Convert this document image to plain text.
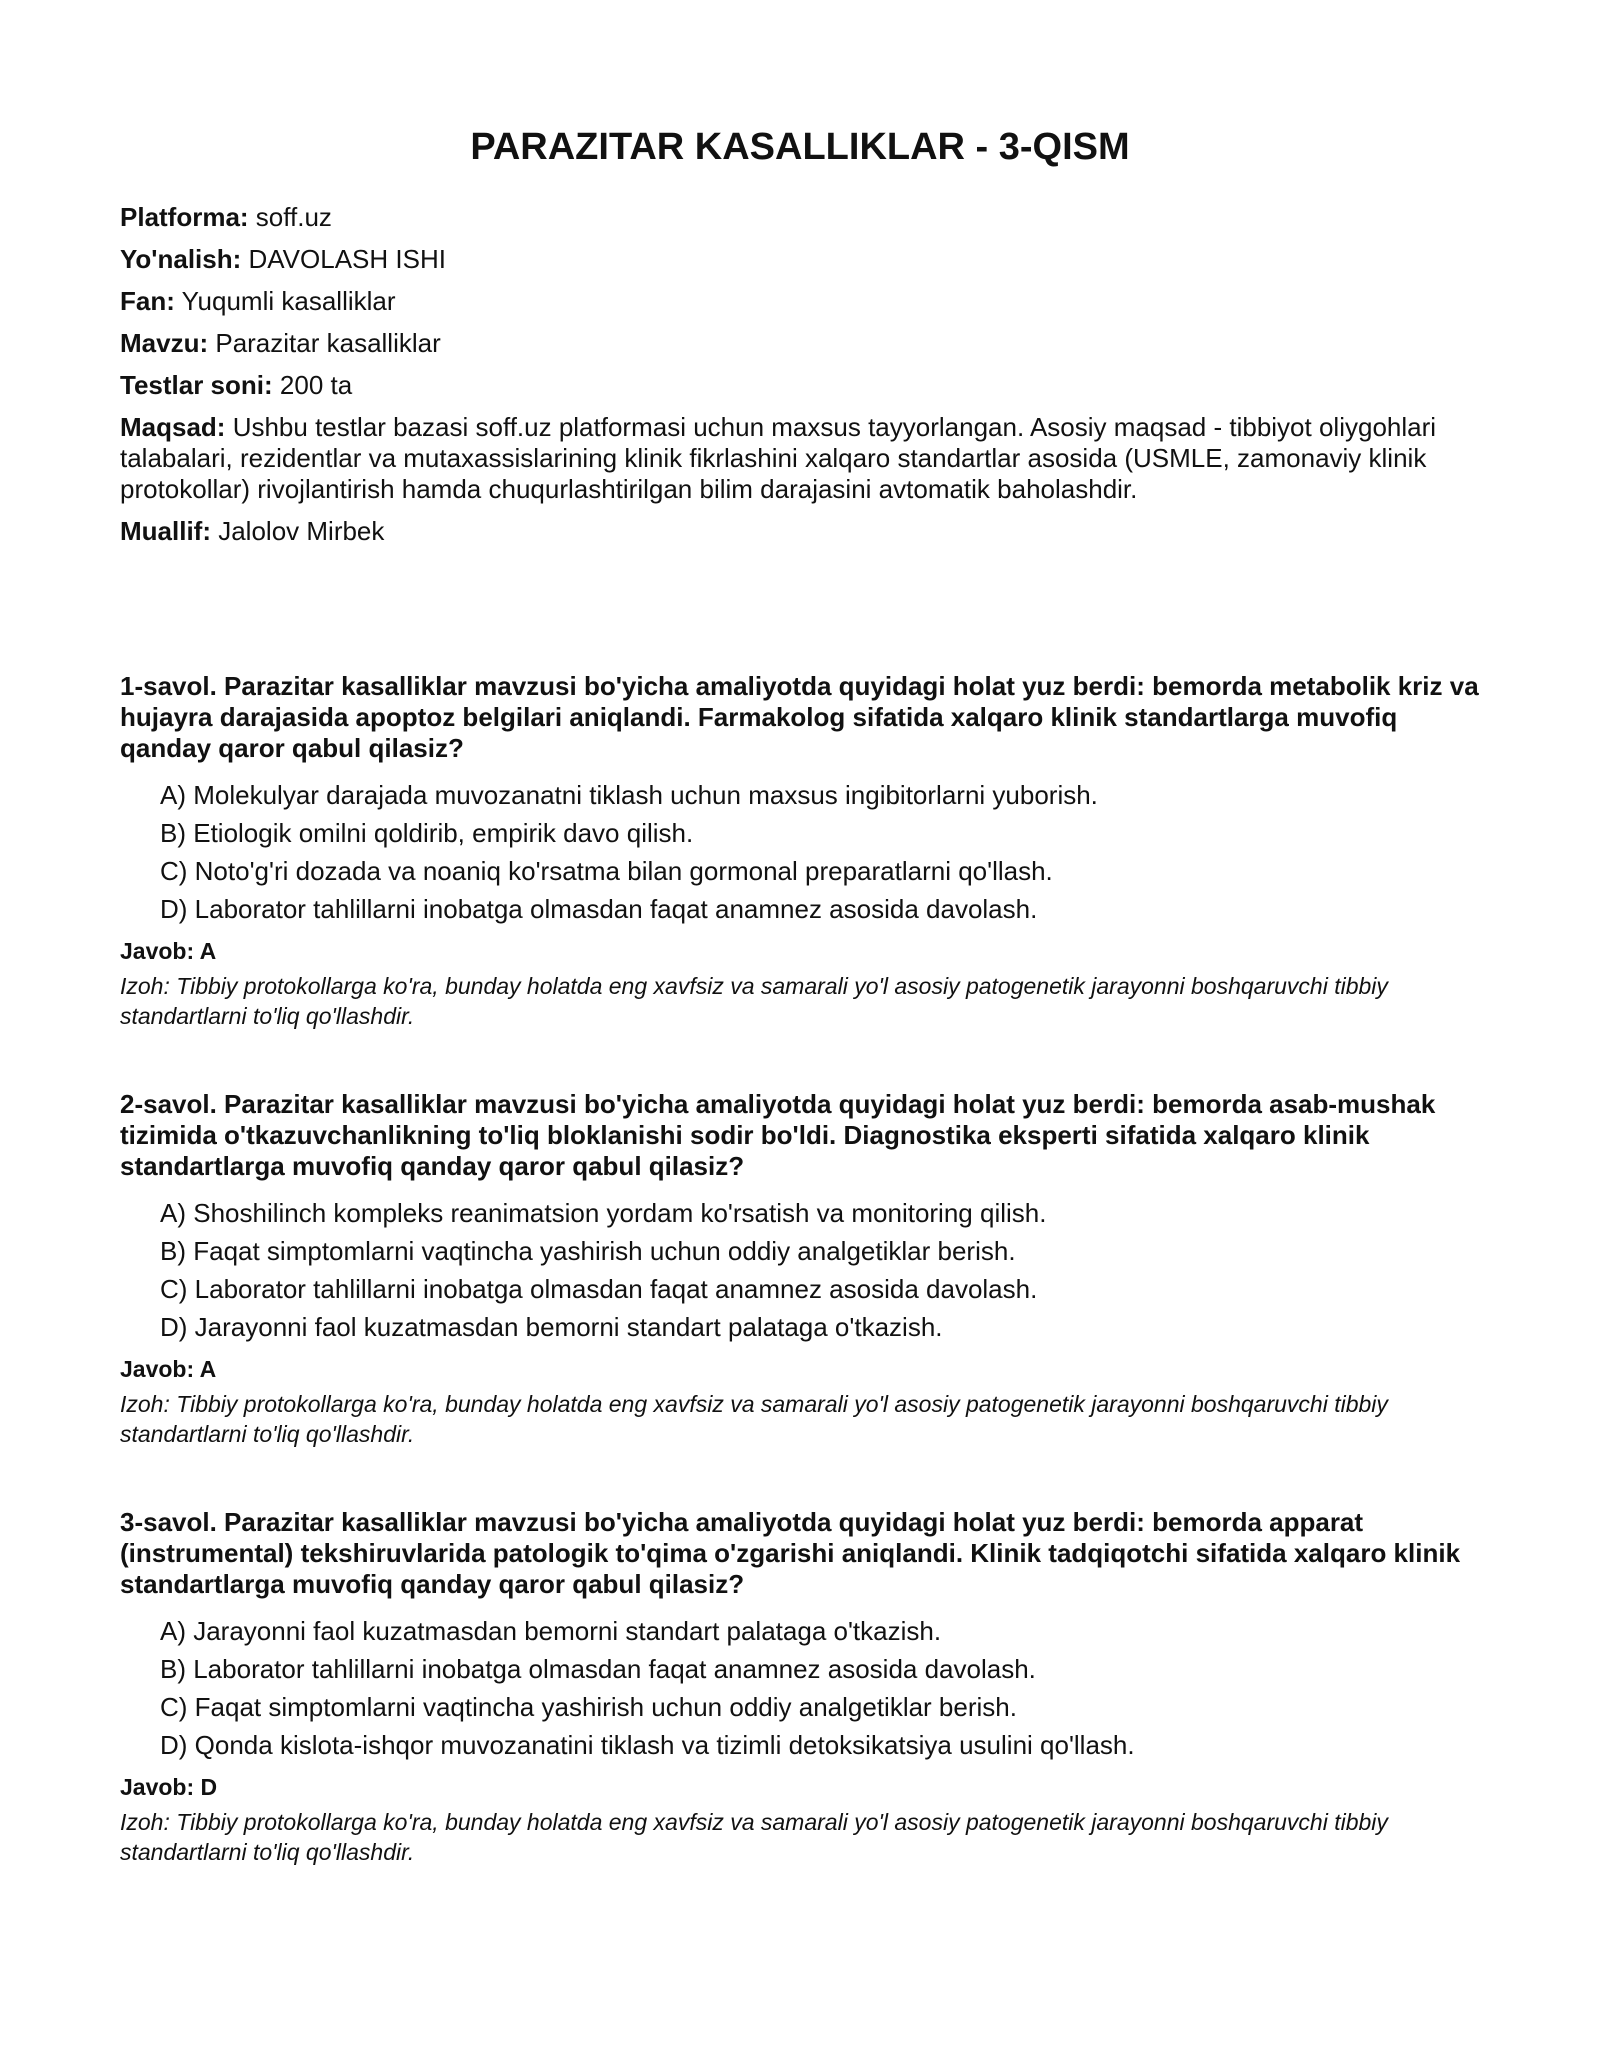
PARAZITAR KASALLIKLAR - 3-QISM

Platforma: soff.uz

Yo'nalish: DAVOLASH ISHI

Fan: Yuqumli kasalliklar

Mavzu: Parazitar kasalliklar

Testlar soni: 200 ta

Maqsad: Ushbu testlar bazasi soff.uz platformasi uchun maxsus tayyorlangan. Asosiy maqsad - tibbiyot oliygohlari talabalari, rezidentlar va mutaxassislarining klinik fikrlashini xalqaro standartlar asosida (USMLE, zamonaviy klinik protokollar) rivojlantirish hamda chuqurlashtirilgan bilim darajasini avtomatik baholashdir.

Muallif: Jalolov Mirbek

1-savol. Parazitar kasalliklar mavzusi bo'yicha amaliyotda quyidagi holat yuz berdi: bemorda metabolik kriz va hujayra darajasida apoptoz belgilari aniqlandi. Farmakolog sifatida xalqaro klinik standartlarga muvofiq qanday qaror qabul qilasiz?

A) Molekulyar darajada muvozanatni tiklash uchun maxsus ingibitorlarni yuborish.
B) Etiologik omilni qoldirib, empirik davo qilish.
C) Noto'g'ri dozada va noaniq ko'rsatma bilan gormonal preparatlarni qo'llash.
D) Laborator tahlillarni inobatga olmasdan faqat anamnez asosida davolash.

Javob: A

Izoh: Tibbiy protokollarga ko'ra, bunday holatda eng xavfsiz va samarali yo'l asosiy patogenetik jarayonni boshqaruvchi tibbiy standartlarni to'liq qo'llashdir.

2-savol. Parazitar kasalliklar mavzusi bo'yicha amaliyotda quyidagi holat yuz berdi: bemorda asab-mushak tizimida o'tkazuvchanlikning to'liq bloklanishi sodir bo'ldi. Diagnostika eksperti sifatida xalqaro klinik standartlarga muvofiq qanday qaror qabul qilasiz?

A) Shoshilinch kompleks reanimatsion yordam ko'rsatish va monitoring qilish.
B) Faqat simptomlarni vaqtincha yashirish uchun oddiy analgetiklar berish.
C) Laborator tahlillarni inobatga olmasdan faqat anamnez asosida davolash.
D) Jarayonni faol kuzatmasdan bemorni standart palataga o'tkazish.

Javob: A

Izoh: Tibbiy protokollarga ko'ra, bunday holatda eng xavfsiz va samarali yo'l asosiy patogenetik jarayonni boshqaruvchi tibbiy standartlarni to'liq qo'llashdir.

3-savol. Parazitar kasalliklar mavzusi bo'yicha amaliyotda quyidagi holat yuz berdi: bemorda apparat (instrumental) tekshiruvlarida patologik to'qima o'zgarishi aniqlandi. Klinik tadqiqotchi sifatida xalqaro klinik standartlarga muvofiq qanday qaror qabul qilasiz?

A) Jarayonni faol kuzatmasdan bemorni standart palataga o'tkazish.
B) Laborator tahlillarni inobatga olmasdan faqat anamnez asosida davolash.
C) Faqat simptomlarni vaqtincha yashirish uchun oddiy analgetiklar berish.
D) Qonda kislota-ishqor muvozanatini tiklash va tizimli detoksikatsiya usulini qo'llash.

Javob: D

Izoh: Tibbiy protokollarga ko'ra, bunday holatda eng xavfsiz va samarali yo'l asosiy patogenetik jarayonni boshqaruvchi tibbiy standartlarni to'liq qo'llashdir.
